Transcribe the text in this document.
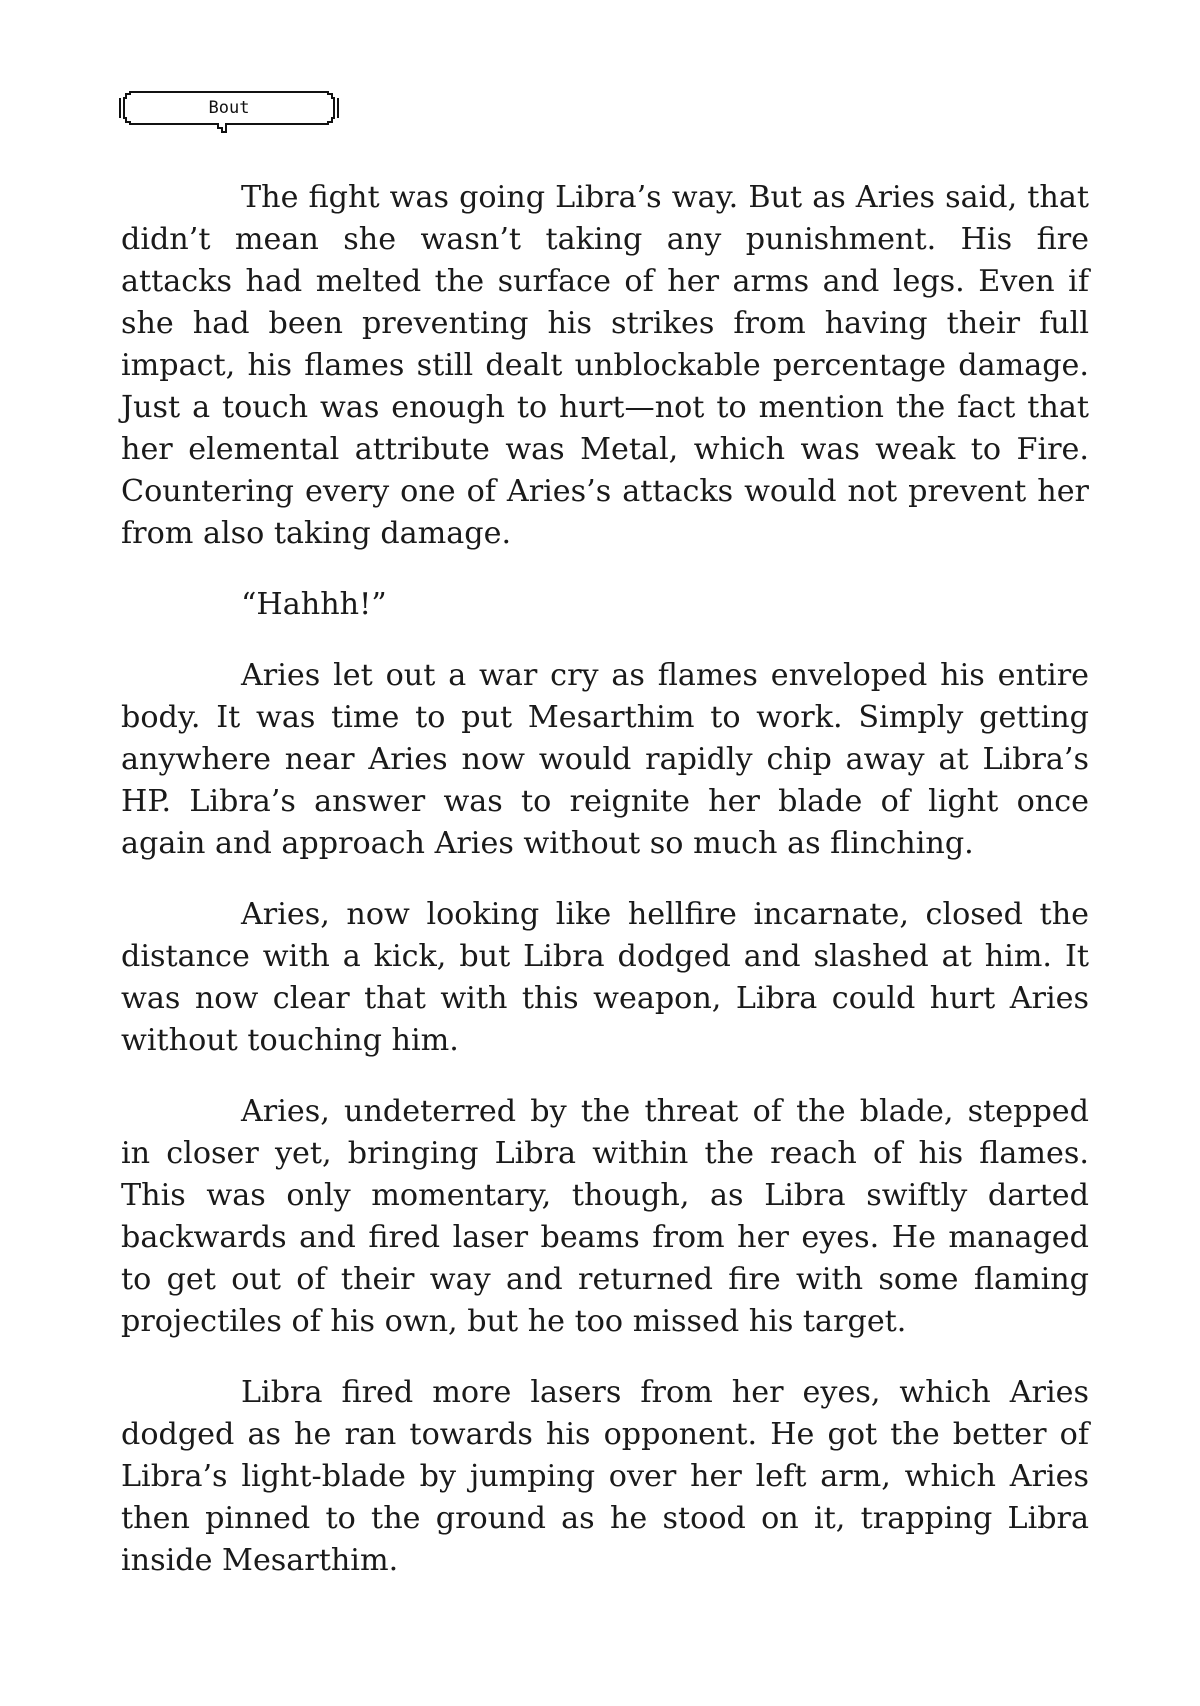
Bout

The fight was going Libra’s way. But as Aries said, that didn’t mean she wasn’t taking any punishment. His fire attacks had melted the surface of her arms and legs. Even if she had been preventing his strikes from having their full impact, his flames still dealt unblockable percentage damage. Just a touch was enough to hurt—not to mention the fact that her elemental attribute was Metal, which was weak to Fire. Countering every one of Aries’s attacks would not prevent her from also taking damage.

“Hahhh!”

Aries let out a war cry as flames enveloped his entire body. It was time to put Mesarthim to work. Simply getting anywhere near Aries now would rapidly chip away at Libra’s HP. Libra’s answer was to reignite her blade of light once again and approach Aries without so much as flinching.

Aries, now looking like hellfire incarnate, closed the distance with a kick, but Libra dodged and slashed at him. It was now clear that with this weapon, Libra could hurt Aries without touching him.

Aries, undeterred by the threat of the blade, stepped in closer yet, bringing Libra within the reach of his flames. This was only momentary, though, as Libra swiftly darted backwards and fired laser beams from her eyes. He managed to get out of their way and returned fire with some flaming projectiles of his own, but he too missed his target.

Libra fired more lasers from her eyes, which Aries dodged as he ran towards his opponent. He got the better of Libra’s light-blade by jumping over her left arm, which Aries then pinned to the ground as he stood on it, trapping Libra inside Mesarthim.
